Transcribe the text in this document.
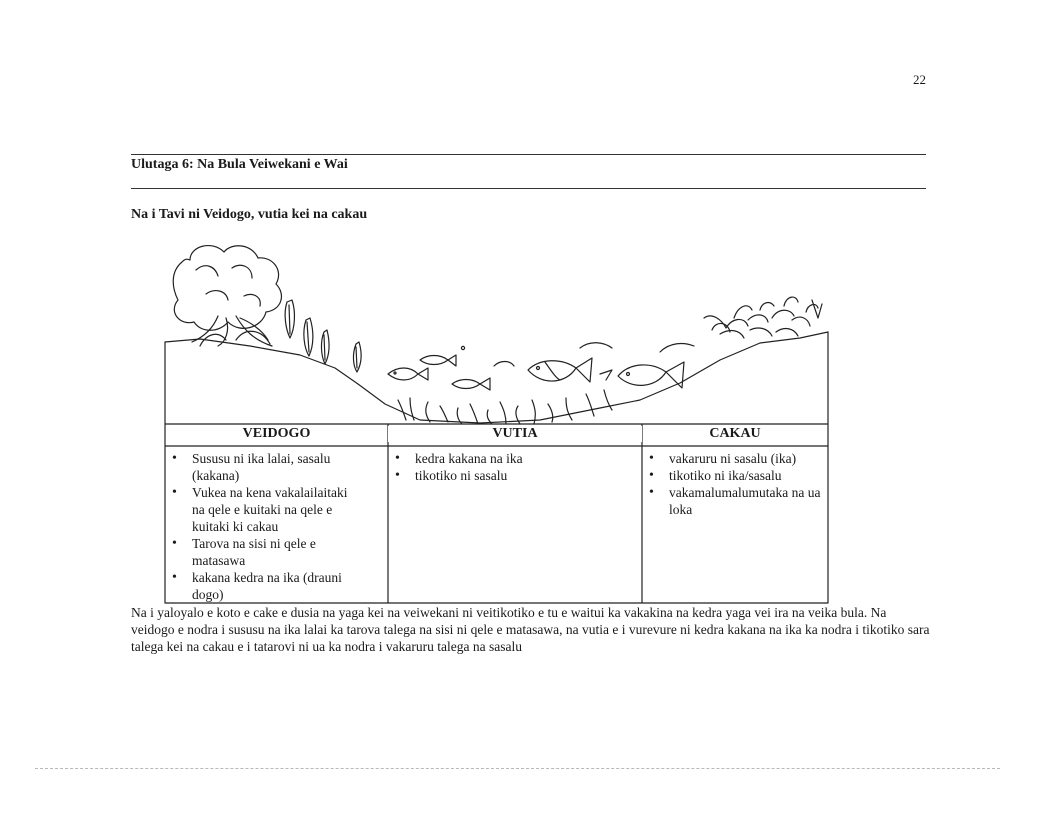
22
Ulutaga 6: Na Bula Veiwekani e Wai
Na i Tavi ni Veidogo, vutia kei na cakau
VEIDOGO	VUTIA	CAKAU
• Sususu ni ika lalai, sasalu (kakana)
• Vukea na kena vakalailaitaki na qele e kuitaki na qele e kuitaki ki cakau
• Tarova na sisi ni qele e matasawa
• kakana kedra na ika (drauni dogo)
• kedra kakana na ika
• tikotiko ni sasalu
• vakaruru ni sasalu (ika)
• tikotiko ni ika/sasalu
• vakamalumalumutaka na ua loka
Na i yaloyalo e koto e cake e dusia na yaga kei na veiwekani ni veitikotiko e tu e waitui ka vakakina na kedra yaga vei ira na veika bula. Na veidogo e nodra i sususu na ika lalai ka tarova talega na sisi ni qele e matasawa, na vutia e i vurevure ni kedra kakana na ika ka nodra i tikotiko sara talega kei na cakau e i tatarovi ni ua ka nodra i vakaruru talega na sasalu
